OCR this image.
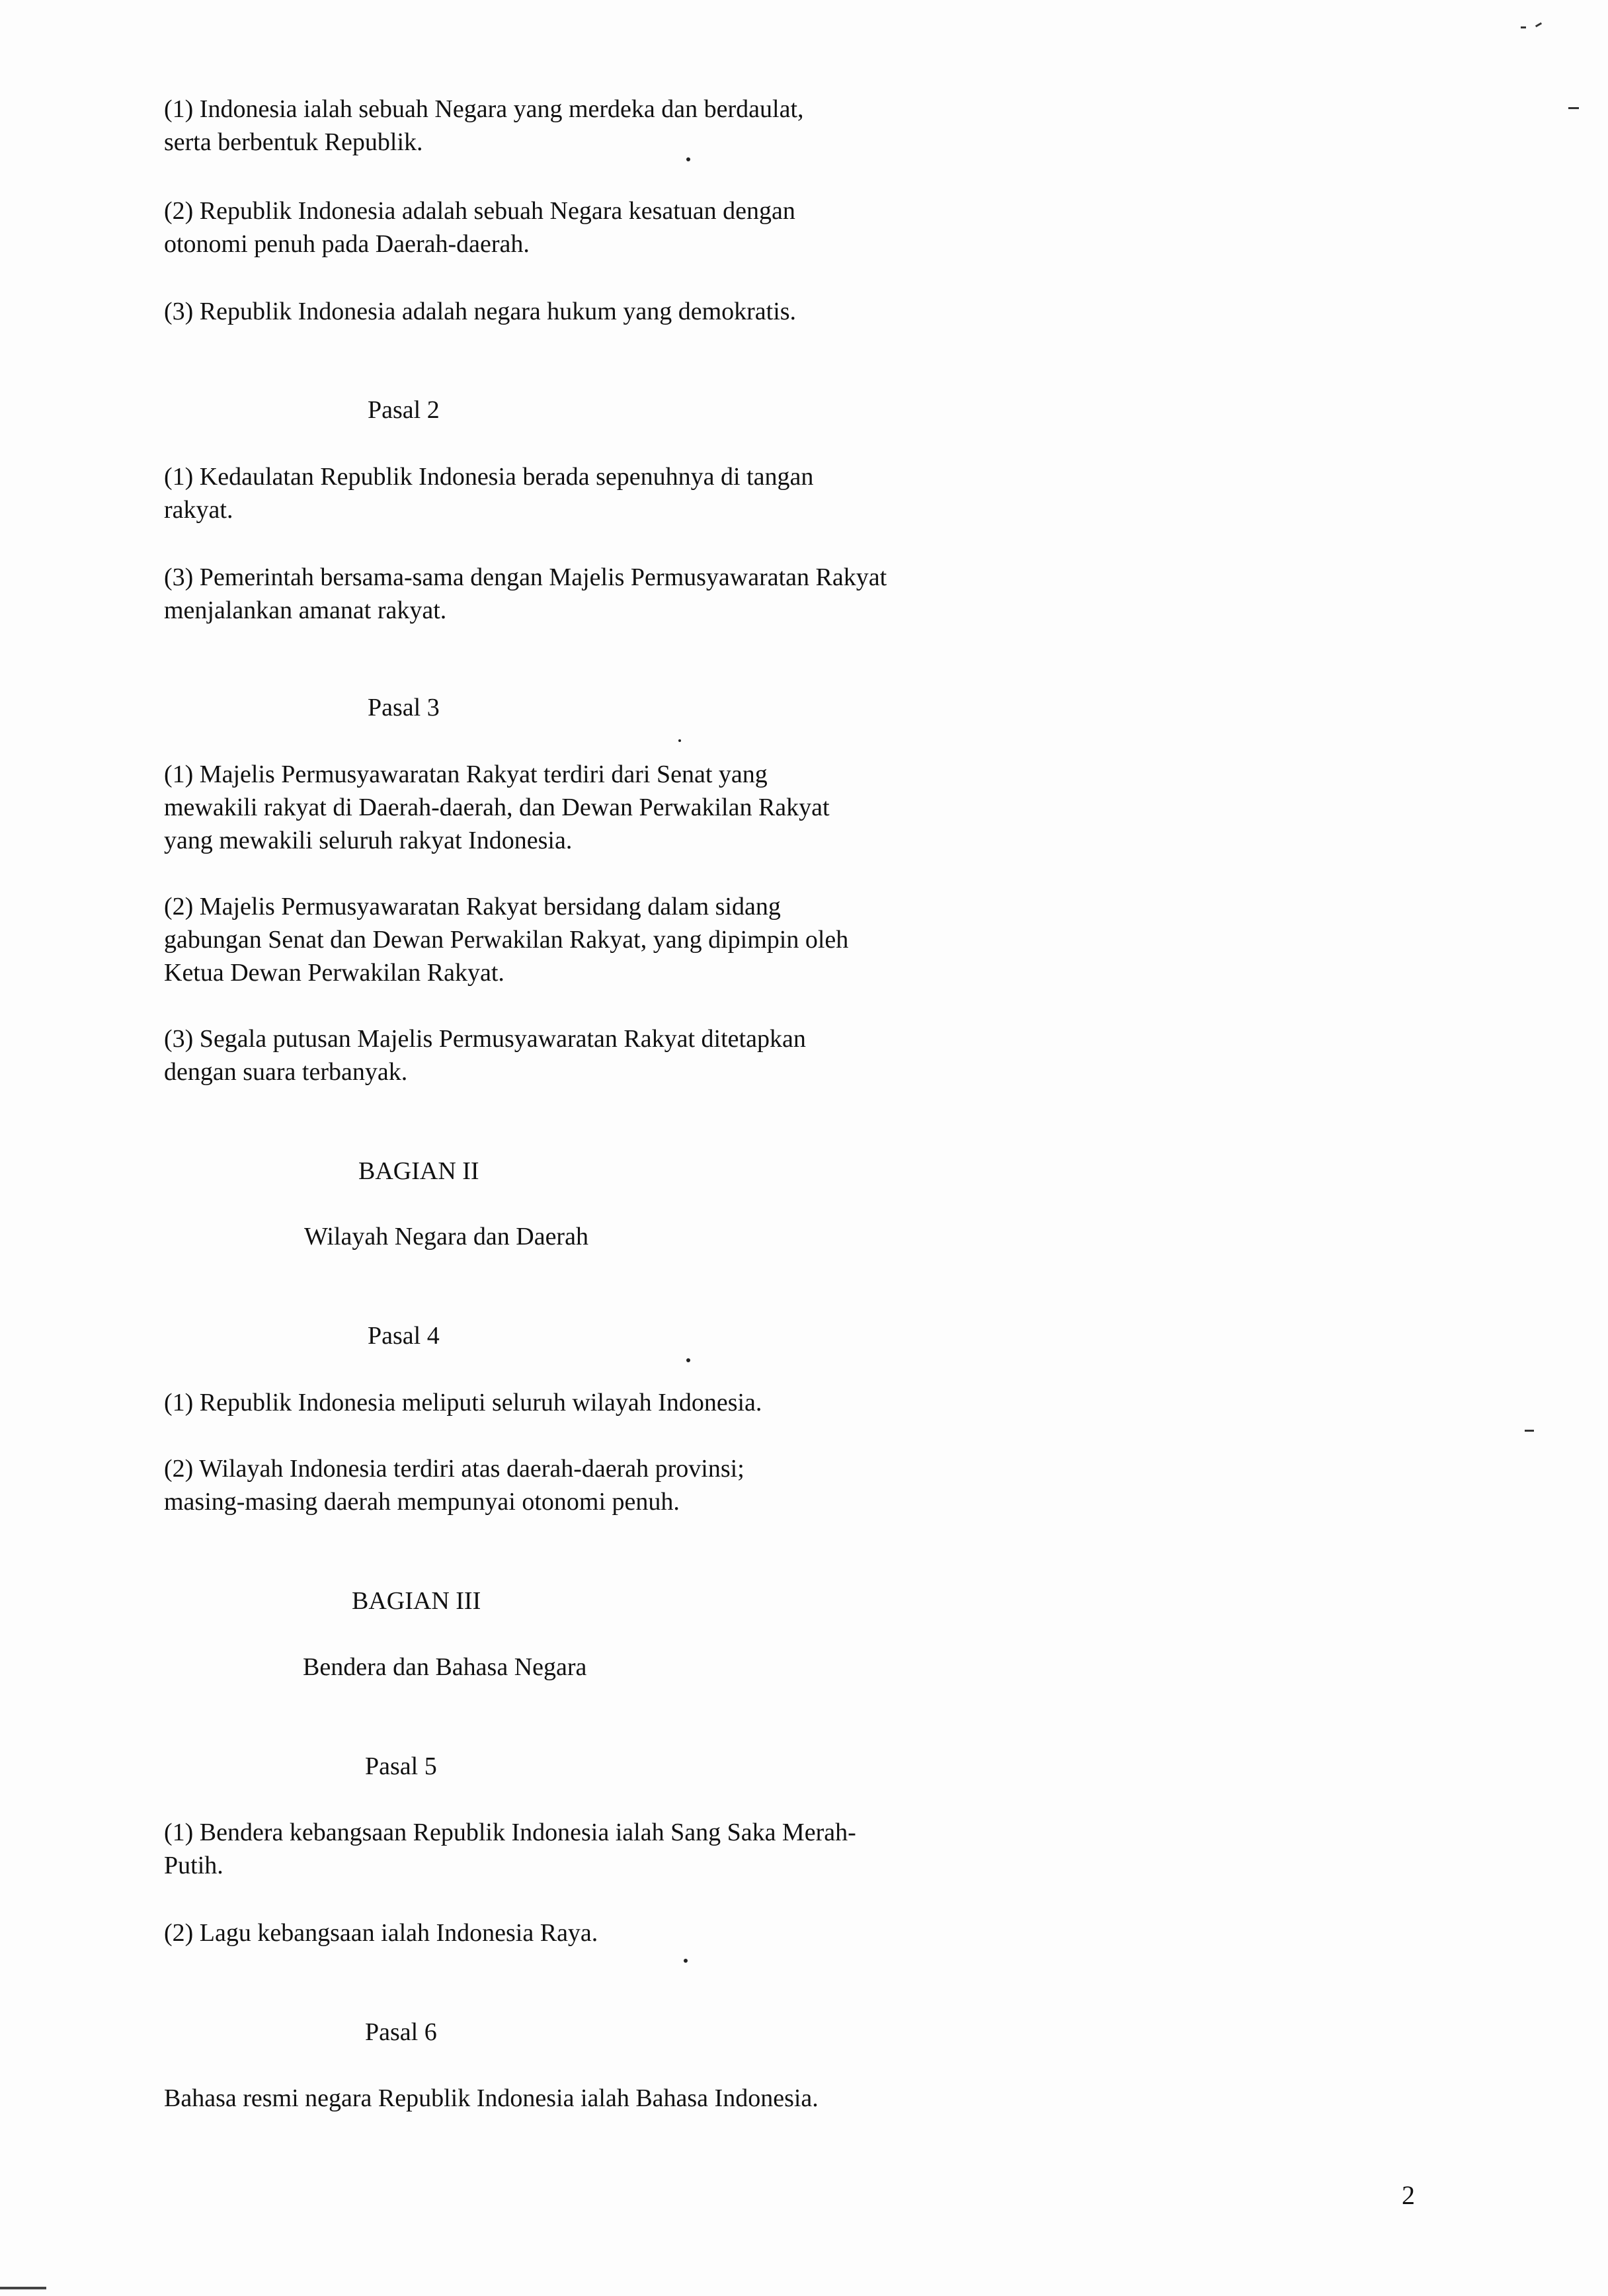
(1) Indonesia ialah sebuah Negara yang merdeka dan berdaulat,
serta berbentuk Republik.

(2) Republik Indonesia adalah sebuah Negara kesatuan dengan
otonomi penuh pada Daerah-daerah.

(3) Republik Indonesia adalah negara hukum yang demokratis.

Pasal 2

(1) Kedaulatan Republik Indonesia berada sepenuhnya di tangan
rakyat.

(3) Pemerintah bersama-sama dengan Majelis Permusyawaratan Rakyat
menjalankan amanat rakyat.

Pasal 3

(1) Majelis Permusyawaratan Rakyat terdiri dari Senat yang
mewakili rakyat di Daerah-daerah, dan Dewan Perwakilan Rakyat
yang mewakili seluruh rakyat Indonesia.

(2) Majelis Permusyawaratan Rakyat bersidang dalam sidang
gabungan Senat dan Dewan Perwakilan Rakyat, yang dipimpin oleh
Ketua Dewan Perwakilan Rakyat.

(3) Segala putusan Majelis Permusyawaratan Rakyat ditetapkan
dengan suara terbanyak.

BAGIAN II

Wilayah Negara dan Daerah

Pasal 4

(1) Republik Indonesia meliputi seluruh wilayah Indonesia.

(2) Wilayah Indonesia terdiri atas daerah-daerah provinsi;
masing-masing daerah mempunyai otonomi penuh.

BAGIAN III

Bendera dan Bahasa Negara

Pasal 5

(1) Bendera kebangsaan Republik Indonesia ialah Sang Saka Merah-
Putih.

(2) Lagu kebangsaan ialah Indonesia Raya.

Pasal 6

Bahasa resmi negara Republik Indonesia ialah Bahasa Indonesia.

2
